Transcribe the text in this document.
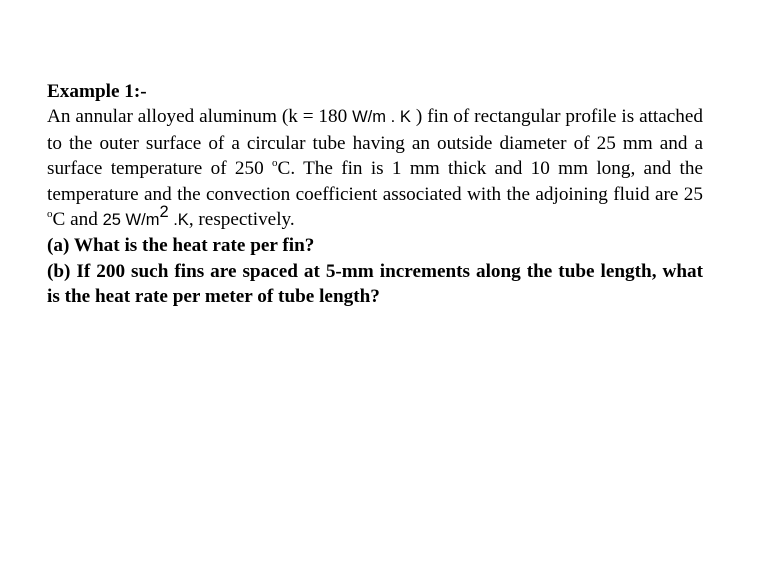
Example 1:-

An annular alloyed aluminum (k = 180 W/m . K ) fin of rectangular profile is attached to the outer surface of a circular tube having an outside diameter of 25 mm and a surface temperature of 250 $^o$C. The fin is 1 mm thick and 10 mm long, and the temperature and the convection coefficient associated with the adjoining fluid are 25 $^o$C and 25 $W/m^2$ .K, respectively.

(a) What is the heat rate per fin?

(b) If 200 such fins are spaced at 5-mm increments along the tube length, what is the heat rate per meter of tube length?
